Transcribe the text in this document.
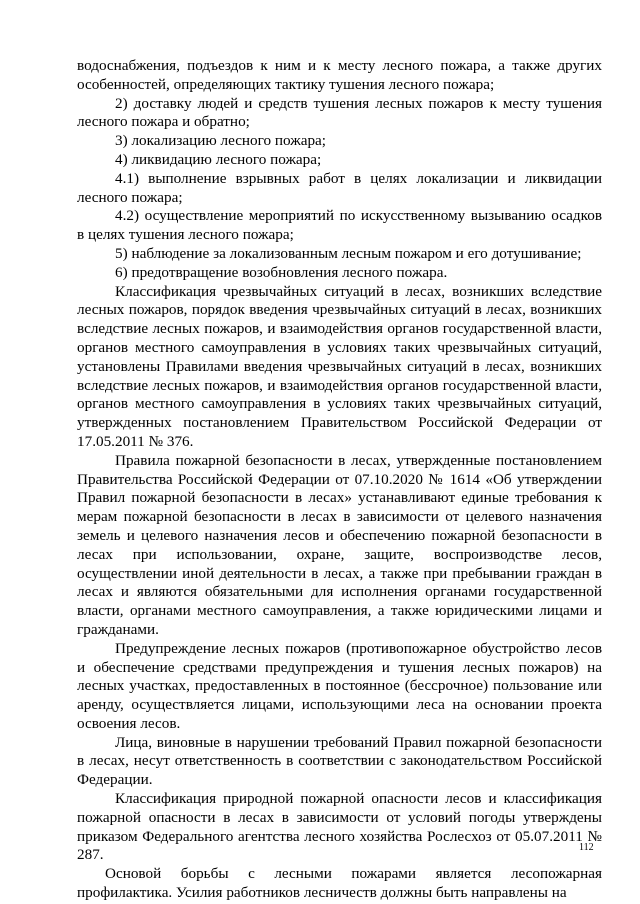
водоснабжения, подъездов к ним и к месту лесного пожара, а также других особенностей, определяющих тактику тушения лесного пожара;

2) доставку людей и средств тушения лесных пожаров к месту тушения лесного пожара и обратно;

3) локализацию лесного пожара;

4) ликвидацию лесного пожара;

4.1) выполнение взрывных работ в целях локализации и ликвидации лесного пожара;

4.2) осуществление мероприятий по искусственному вызыванию осадков в целях тушения лесного пожара;

5) наблюдение за локализованным лесным пожаром и его дотушивание;

6) предотвращение возобновления лесного пожара.

Классификация чрезвычайных ситуаций в лесах, возникших вследствие лесных пожаров, порядок введения чрезвычайных ситуаций в лесах, возникших вследствие лесных пожаров, и взаимодействия органов государственной власти, органов местного самоуправления в условиях таких чрезвычайных ситуаций, установлены Правилами введения чрезвычайных ситуаций в лесах, возникших вследствие лесных пожаров, и взаимодействия органов государственной власти, органов местного самоуправления в условиях таких чрезвычайных ситуаций, утвержденных постановлением Правительством Российской Федерации от 17.05.2011 № 376.

Правила пожарной безопасности в лесах, утвержденные постановлением Правительства Российской Федерации от 07.10.2020 № 1614 «Об утверждении Правил пожарной безопасности в лесах» устанавливают единые требования к мерам пожарной безопасности в лесах в зависимости от целевого назначения земель и целевого назначения лесов и обеспечению пожарной безопасности в лесах при использовании, охране, защите, воспроизводстве лесов, осуществлении иной деятельности в лесах, а также при пребывании граждан в лесах и являются обязательными для исполнения органами государственной власти, органами местного самоуправления, а также юридическими лицами и гражданами.

Предупреждение лесных пожаров (противопожарное обустройство лесов и обеспечение средствами предупреждения и тушения лесных пожаров) на лесных участках, предоставленных в постоянное (бессрочное) пользование или аренду, осуществляется лицами, использующими леса на основании проекта освоения лесов.

Лица, виновные в нарушении требований Правил пожарной безопасности в лесах, несут ответственность в соответствии с законодательством Российской Федерации.

Классификация природной пожарной опасности лесов и классификация пожарной опасности в лесах в зависимости от условий погоды утверждены приказом Федерального агентства лесного хозяйства Рослесхоз от 05.07.2011 № 287.

Основой борьбы с лесными пожарами является лесопожарная профилактика. Усилия работников лесничеств должны быть направлены на

112
